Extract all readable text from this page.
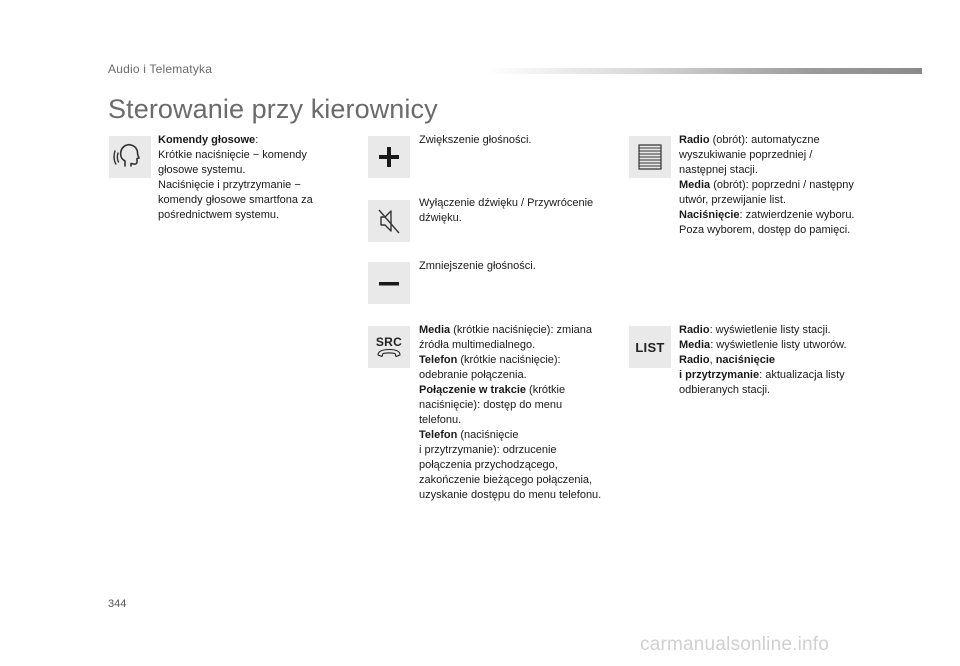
Audio i Telematyka
Sterowanie przy kierownicy
Komendy głosowe:
Krótkie naciśnięcie − komendy
głosowe systemu.
Naciśnięcie i przytrzymanie −
komendy głosowe smartfona za
pośrednictwem systemu.
Zwiększenie głośności.
Wyłączenie dźwięku / Przywrócenie
dźwięku.
Zmniejszenie głośności.
SRC
Media (krótkie naciśnięcie): zmiana
źródła multimedialnego.
Telefon (krótkie naciśnięcie):
odebranie połączenia.
Połączenie w trakcie (krótkie
naciśnięcie): dostęp do menu
telefonu.
Telefon (naciśnięcie
i przytrzymanie): odrzucenie
połączenia przychodzącego,
zakończenie bieżącego połączenia,
uzyskanie dostępu do menu telefonu.
Radio (obrót): automatyczne
wyszukiwanie poprzedniej /
następnej stacji.
Media (obrót): poprzedni / następny
utwór, przewijanie list.
Naciśnięcie: zatwierdzenie wyboru.
Poza wyborem, dostęp do pamięci.
LIST
Radio: wyświetlenie listy stacji.
Media: wyświetlenie listy utworów.
Radio, naciśnięcie
i przytrzymanie: aktualizacja listy
odbieranych stacji.
344
carmanualsonline.info
